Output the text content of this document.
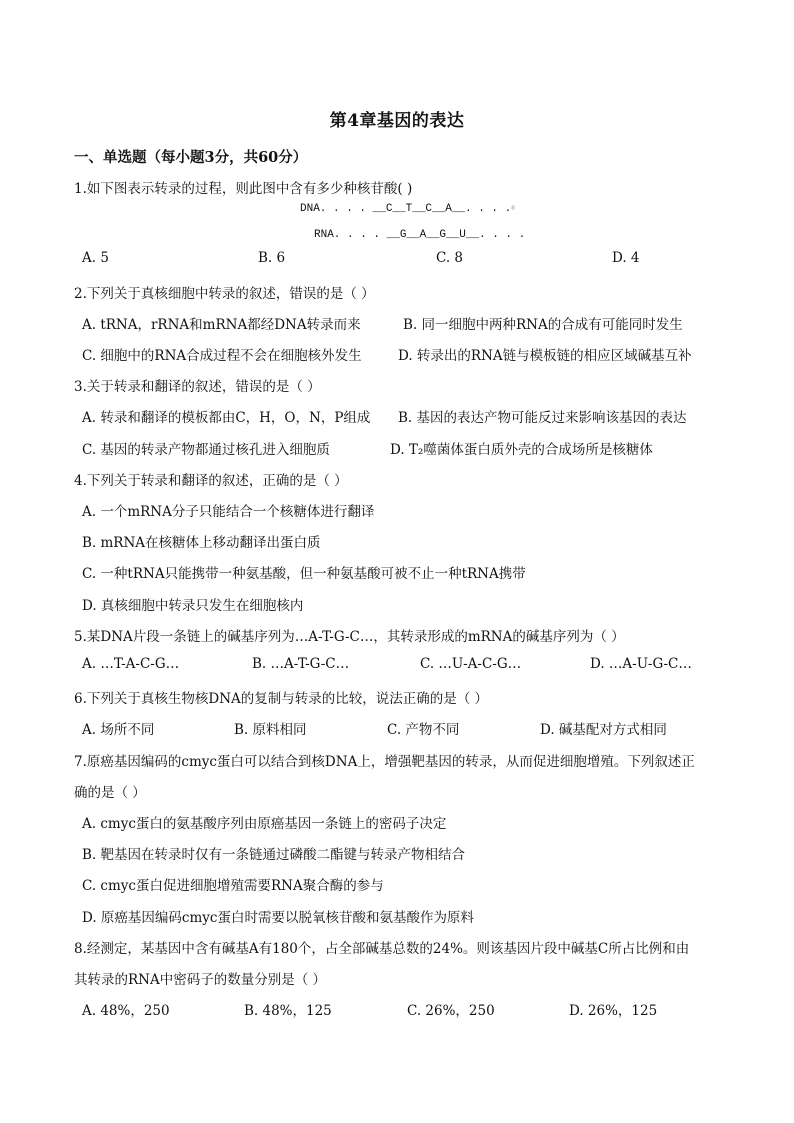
第4章基因的表达
一、单选题（每小题3分，共60分）
1.如下图表示转录的过程，则此图中含有多少种核苷酸( )
DNA. . . . __C__T__C__A__. . . .Ⓔ
RNA. . . . __G__A__G__U__. . . .
A. 5	B. 6	C. 8	D. 4
2.下列关于真核细胞中转录的叙述，错误的是（ ）
A. tRNA，rRNA和mRNA都经DNA转录而来	B. 同一细胞中两种RNA的合成有可能同时发生
C. 细胞中的RNA合成过程不会在细胞核外发生	D. 转录出的RNA链与模板链的相应区域碱基互补
3.关于转录和翻译的叙述，错误的是（ ）
A. 转录和翻译的模板都由C，H，O，N，P组成 B. 基因的表达产物可能反过来影响该基因的表达
C. 基因的转录产物都通过核孔进入细胞质	D. T₂噬菌体蛋白质外壳的合成场所是核糖体
4.下列关于转录和翻译的叙述，正确的是（ ）
A. 一个mRNA分子只能结合一个核糖体进行翻译
B. mRNA在核糖体上移动翻译出蛋白质
C. 一种tRNA只能携带一种氨基酸，但一种氨基酸可被不止一种tRNA携带
D. 真核细胞中转录只发生在细胞核内
5.某DNA片段一条链上的碱基序列为…A-T-G-C…，其转录形成的mRNA的碱基序列为（ ）
A. …T-A-C-G…	B. …A-T-G-C…	C. …U-A-C-G…	D. …A-U-G-C…
6.下列关于真核生物核DNA的复制与转录的比较，说法正确的是（ ）
A. 场所不同	B. 原料相同	C. 产物不同	D. 碱基配对方式相同
7.原癌基因编码的cmyc蛋白可以结合到核DNA上，增强靶基因的转录，从而促进细胞增殖。下列叙述正
确的是（ ）
A. cmyc蛋白的氨基酸序列由原癌基因一条链上的密码子决定
B. 靶基因在转录时仅有一条链通过磷酸二酯键与转录产物相结合
C. cmyc蛋白促进细胞增殖需要RNA聚合酶的参与
D. 原癌基因编码cmyc蛋白时需要以脱氧核苷酸和氨基酸作为原料
8.经测定，某基因中含有碱基A有180个，占全部碱基总数的24%。则该基因片段中碱基C所占比例和由
其转录的RNA中密码子的数量分别是（ ）
A. 48%，250	B. 48%，125	C. 26%，250	D. 26%，125
